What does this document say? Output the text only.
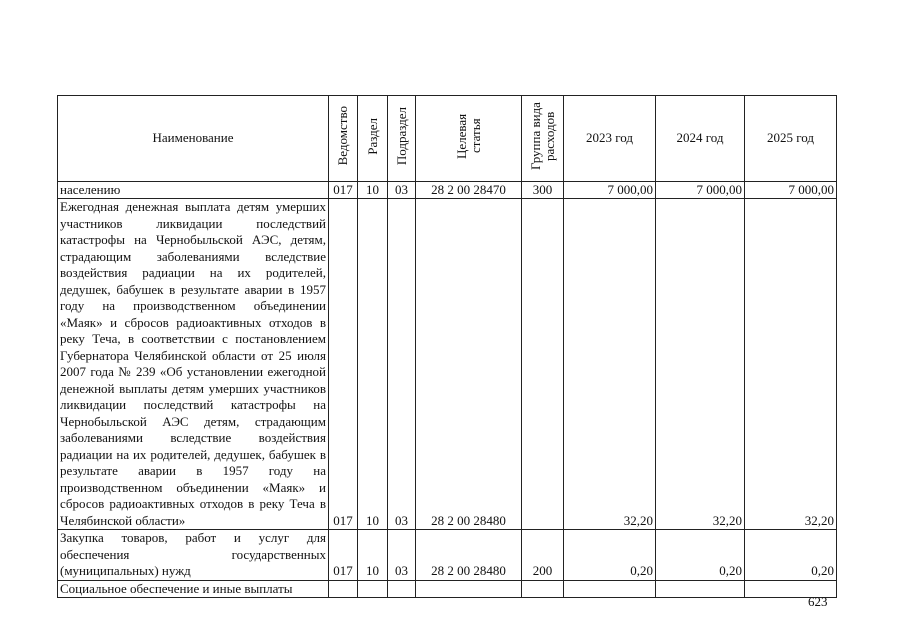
Наименование	Ведомство	Раздел	Подраздел	Целевая статья	Группа вида расходов	2023 год	2024 год	2025 год
населению	017	10	03	28 2 00 28470	300	7 000,00	7 000,00	7 000,00
Ежегодная денежная выплата детям умерших участников ликвидации последствий катастрофы на Чернобыльской АЭС, детям, страдающим заболеваниями вследствие воздействия радиации на их родителей, дедушек, бабушек в результате аварии в 1957 году на производственном объединении «Маяк» и сбросов радиоактивных отходов в реку Теча, в соответствии с постановлением Губернатора Челябинской области от 25 июля 2007 года № 239 «Об установлении ежегодной денежной выплаты детям умерших участников ликвидации последствий катастрофы на Чернобыльской АЭС детям, страдающим заболеваниями вследствие воздействия радиации на их родителей, дедушек, бабушек в результате аварии в 1957 году на производственном объединении «Маяк» и сбросов радиоактивных отходов в реку Теча в Челябинской области»	017	10	03	28 2 00 28480		32,20	32,20	32,20
Закупка товаров, работ и услуг для обеспечения государственных (муниципальных) нужд	017	10	03	28 2 00 28480	200	0,20	0,20	0,20
Социальное обеспечение и иные выплаты								
623
